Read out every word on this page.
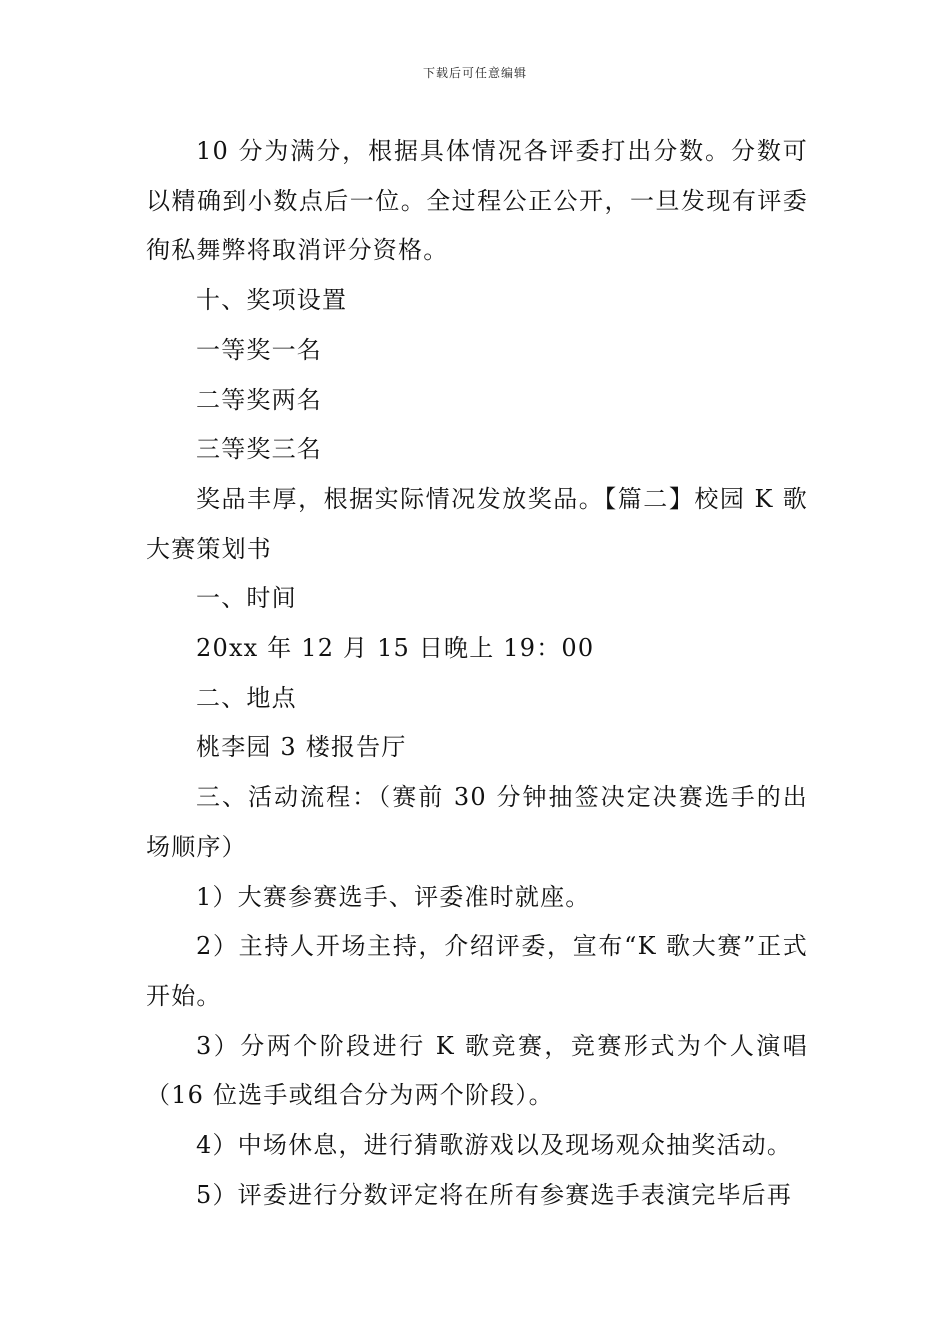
下载后可任意编辑

10 分为满分，根据具体情况各评委打出分数。分数可以精确到小数点后一位。全过程公正公开，一旦发现有评委徇私舞弊将取消评分资格。

十、奖项设置

一等奖一名

二等奖两名

三等奖三名

奖品丰厚，根据实际情况发放奖品。【篇二】校园 K 歌大赛策划书

一、时间

20xx 年 12 月 15 日晚上 19：00

二、地点

桃李园 3 楼报告厅

三、活动流程：（赛前 30 分钟抽签决定决赛选手的出场顺序）

1）大赛参赛选手、评委准时就座。

2）主持人开场主持，介绍评委，宣布“K 歌大赛”正式开始。

3）分两个阶段进行 K 歌竞赛，竞赛形式为个人演唱（16 位选手或组合分为两个阶段）。

4）中场休息，进行猜歌游戏以及现场观众抽奖活动。

5）评委进行分数评定将在所有参赛选手表演完毕后再
